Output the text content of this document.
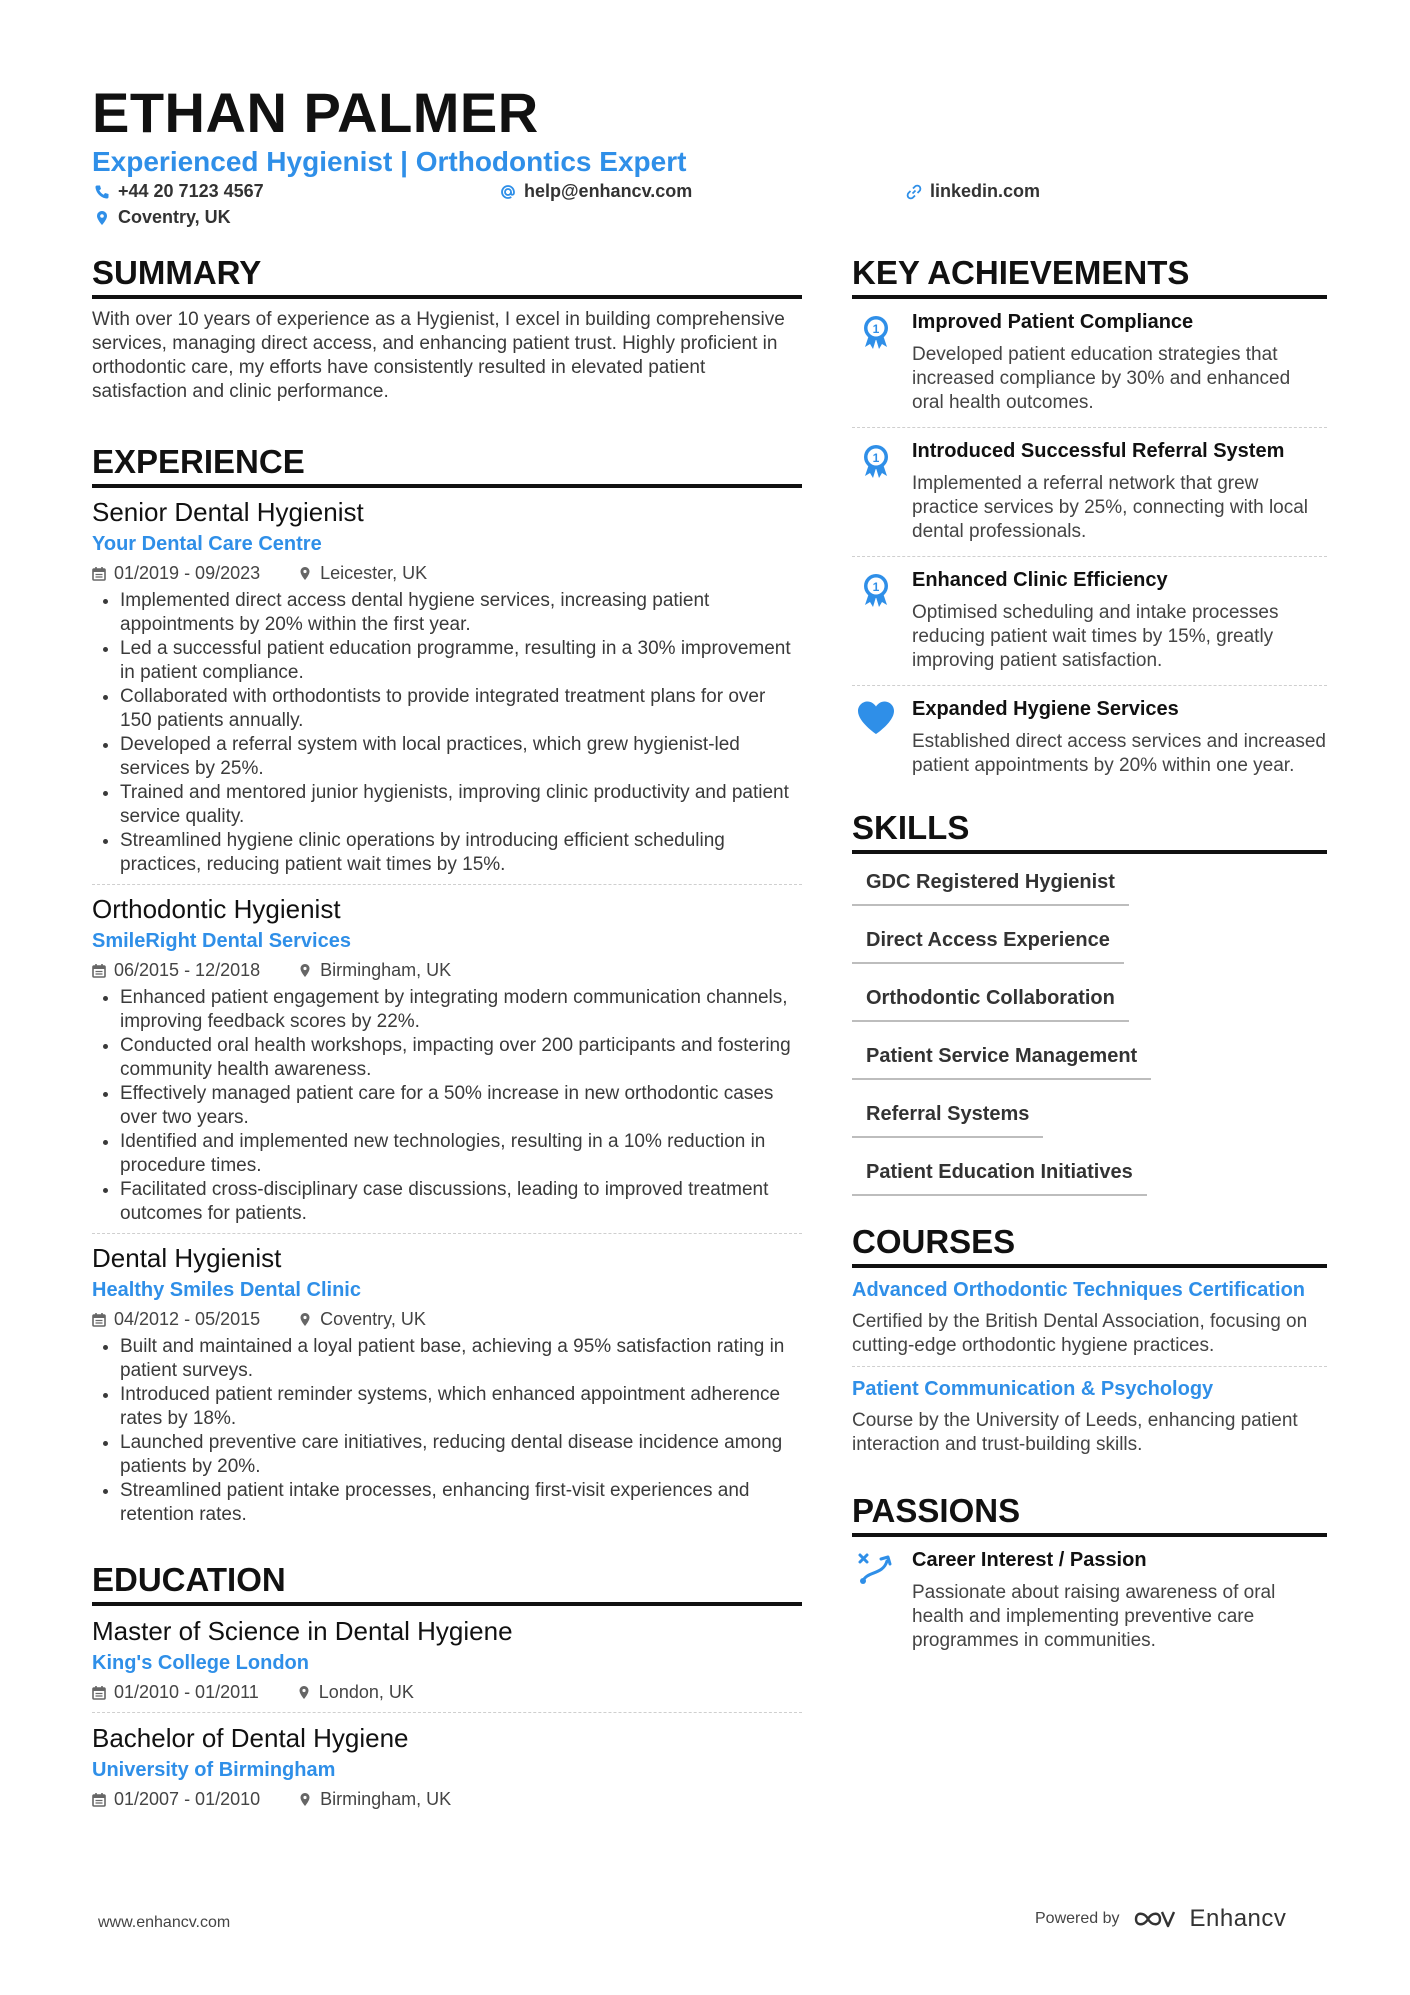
ETHAN PALMER
Experienced Hygienist | Orthodontics Expert
+44 20 7123 4567	help@enhancv.com	linkedin.com
Coventry, UK
SUMMARY
With over 10 years of experience as a Hygienist, I excel in building comprehensive services, managing direct access, and enhancing patient trust. Highly proficient in orthodontic care, my efforts have consistently resulted in elevated patient satisfaction and clinic performance.
EXPERIENCE
Senior Dental Hygienist
Your Dental Care Centre
01/2019 - 09/2023	Leicester, UK
• Implemented direct access dental hygiene services, increasing patient appointments by 20% within the first year.
• Led a successful patient education programme, resulting in a 30% improvement in patient compliance.
• Collaborated with orthodontists to provide integrated treatment plans for over 150 patients annually.
• Developed a referral system with local practices, which grew hygienist-led services by 25%.
• Trained and mentored junior hygienists, improving clinic productivity and patient service quality.
• Streamlined hygiene clinic operations by introducing efficient scheduling practices, reducing patient wait times by 15%.
Orthodontic Hygienist
SmileRight Dental Services
06/2015 - 12/2018	Birmingham, UK
• Enhanced patient engagement by integrating modern communication channels, improving feedback scores by 22%.
• Conducted oral health workshops, impacting over 200 participants and fostering community health awareness.
• Effectively managed patient care for a 50% increase in new orthodontic cases over two years.
• Identified and implemented new technologies, resulting in a 10% reduction in procedure times.
• Facilitated cross-disciplinary case discussions, leading to improved treatment outcomes for patients.
Dental Hygienist
Healthy Smiles Dental Clinic
04/2012 - 05/2015	Coventry, UK
• Built and maintained a loyal patient base, achieving a 95% satisfaction rating in patient surveys.
• Introduced patient reminder systems, which enhanced appointment adherence rates by 18%.
• Launched preventive care initiatives, reducing dental disease incidence among patients by 20%.
• Streamlined patient intake processes, enhancing first-visit experiences and retention rates.
EDUCATION
Master of Science in Dental Hygiene
King's College London
01/2010 - 01/2011	London, UK
Bachelor of Dental Hygiene
University of Birmingham
01/2007 - 01/2010	Birmingham, UK
KEY ACHIEVEMENTS
1 Improved Patient Compliance
Developed patient education strategies that increased compliance by 30% and enhanced oral health outcomes.
1 Introduced Successful Referral System
Implemented a referral network that grew practice services by 25%, connecting with local dental professionals.
1 Enhanced Clinic Efficiency
Optimised scheduling and intake processes reducing patient wait times by 15%, greatly improving patient satisfaction.
Expanded Hygiene Services
Established direct access services and increased patient appointments by 20% within one year.
SKILLS
GDC Registered Hygienist
Direct Access Experience
Orthodontic Collaboration
Patient Service Management
Referral Systems
Patient Education Initiatives
COURSES
Advanced Orthodontic Techniques Certification
Certified by the British Dental Association, focusing on cutting-edge orthodontic hygiene practices.
Patient Communication & Psychology
Course by the University of Leeds, enhancing patient interaction and trust-building skills.
PASSIONS
Career Interest / Passion
Passionate about raising awareness of oral health and implementing preventive care programmes in communities.
www.enhancv.com	Powered by	Enhancv
